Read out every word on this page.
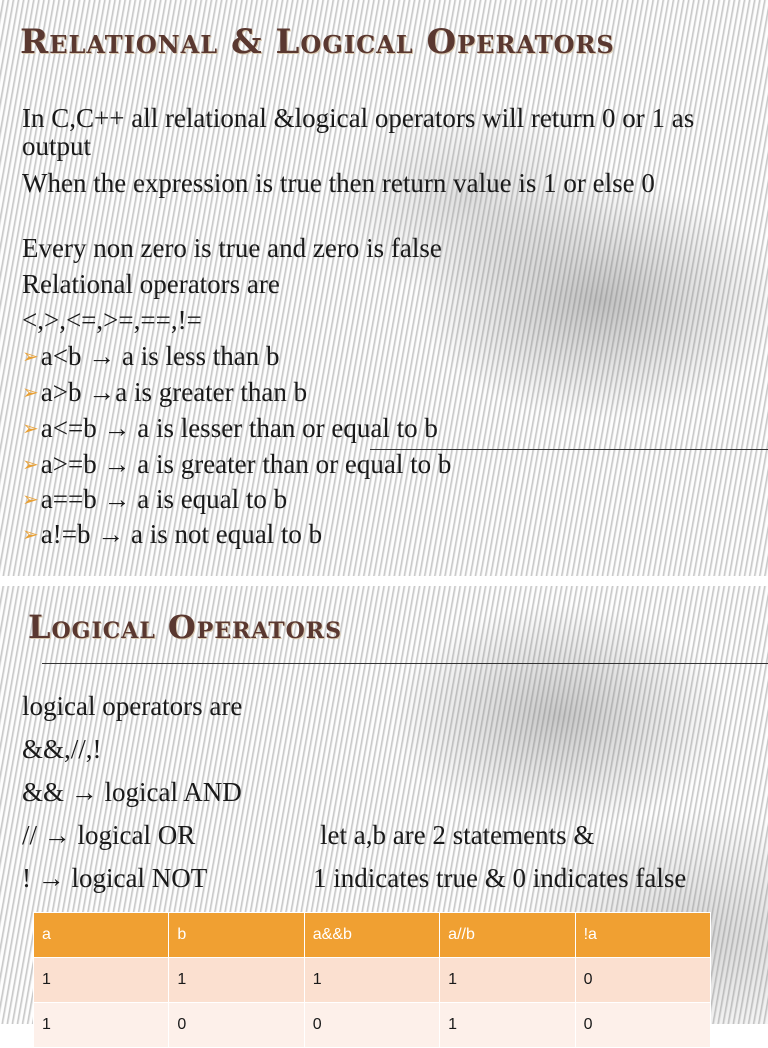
Relational & Logical Operators

In C,C++ all relational &logical operators will return 0 or 1 as output

When the expression is true then return value is 1 or else 0

Every non zero is true and zero is false

Relational operators are

<,>,<=,>=,==,!=

➢a<b → a is less than b

➢a>b →a is greater than b

➢a<=b → a is lesser than or equal to b

➢a>=b → a is greater than or equal to b

➢a==b → a is equal to b

➢a!=b → a is not equal to b

Logical Operators

logical operators are

&&,//,!

&& → logical AND

// → logical OR

! → logical NOT

let a,b are 2 statements &

1 indicates true & 0 indicates false

a	b	a&&b	a//b	!a
1	1	1	1	0
1	0	0	1	0
